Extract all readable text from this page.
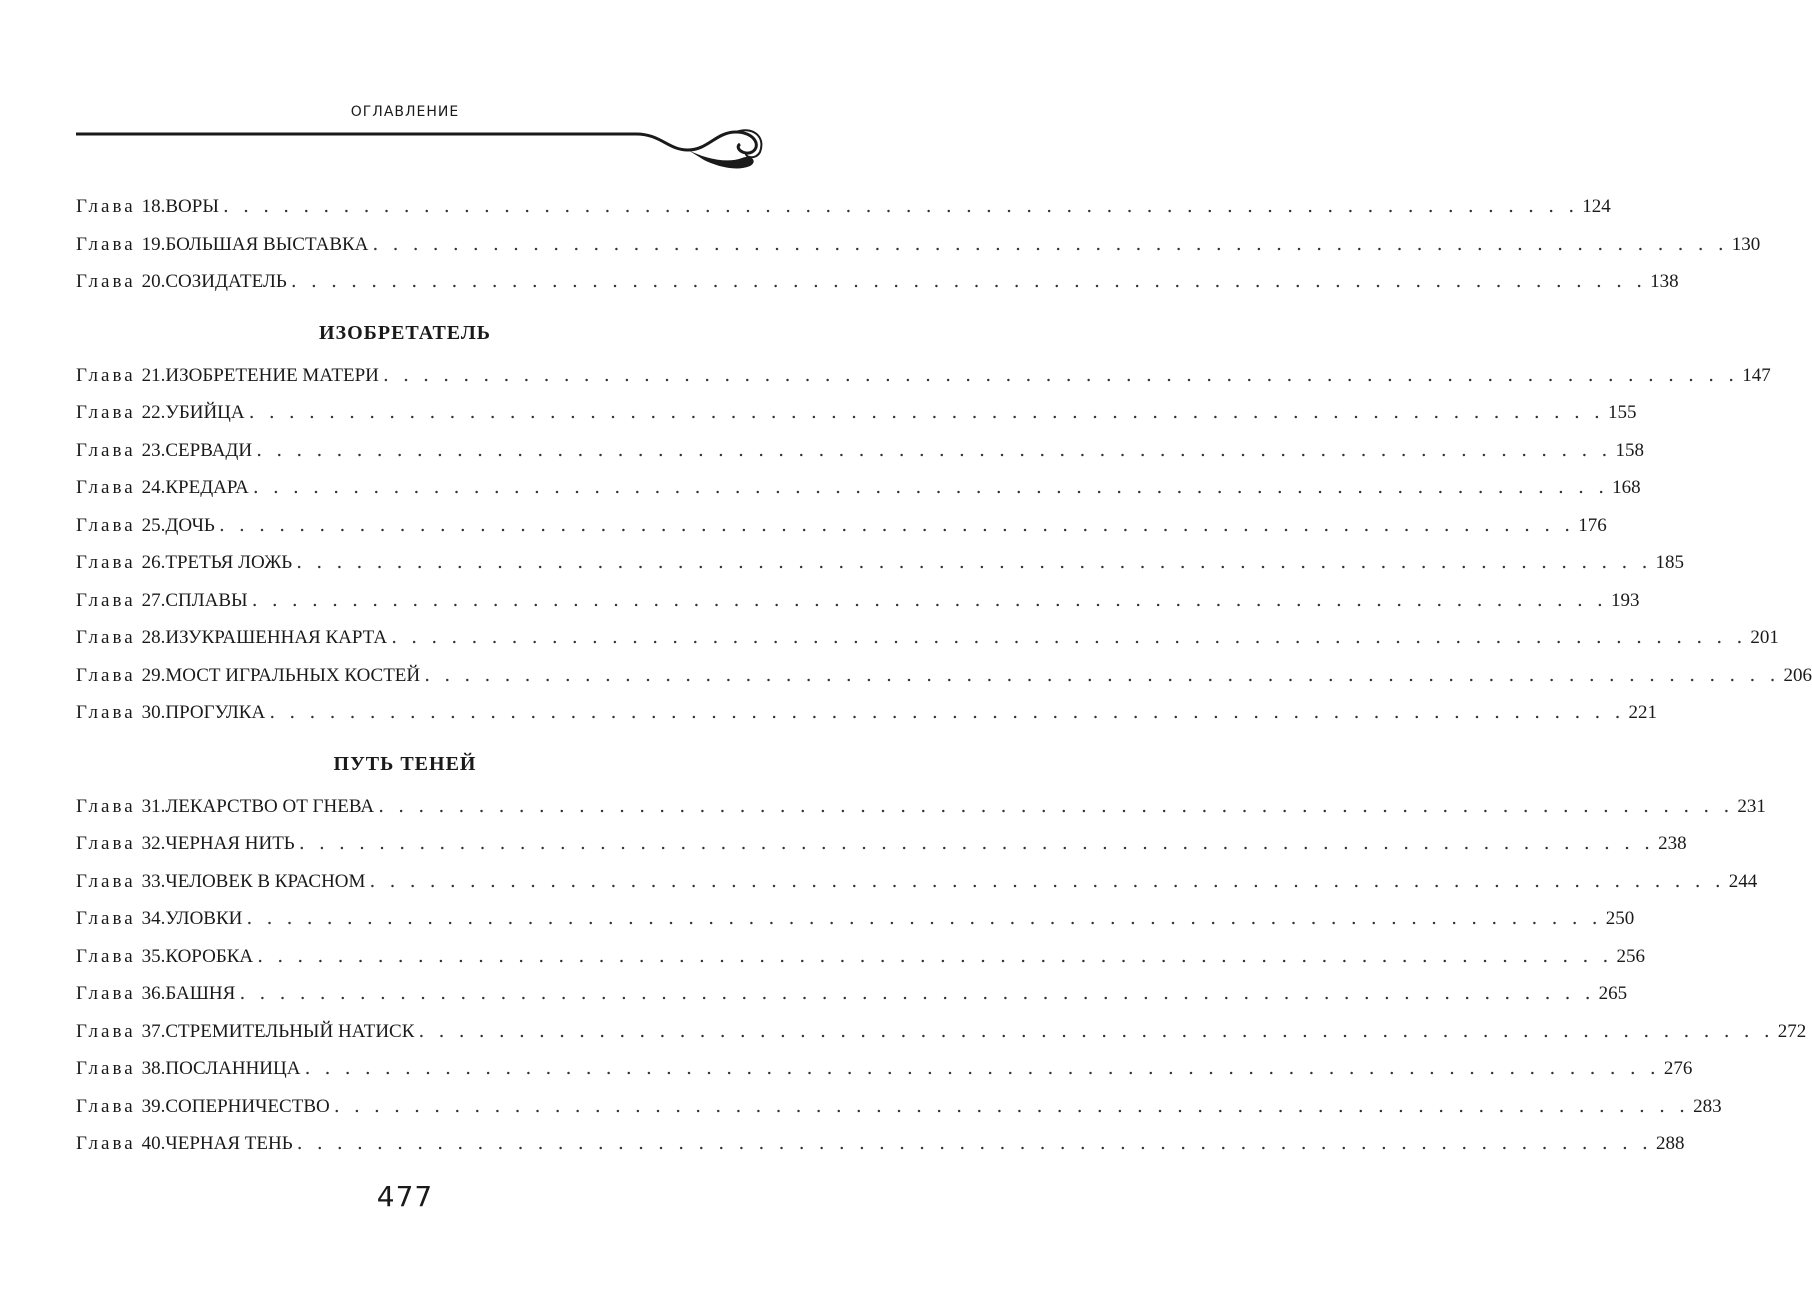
ОГЛАВЛЕНИЕ
Глава 18. ВОРЫ . . . . . . . . . . . . . . . . . . . . . . . . . . . . . . . . . . . . . . . . . . . . . . . . . . . . . . . . . . . . . . . . . . . . 124
Глава 19. БОЛЬШАЯ ВЫСТАВКА . . . . . . . . . . . . . . . . . . . . . . . . . . . . . . . . . . . . . . . . . . . . . . . . . . . . . . . . . . . . . . . . . . . . 130
Глава 20. СОЗИДАТЕЛЬ . . . . . . . . . . . . . . . . . . . . . . . . . . . . . . . . . . . . . . . . . . . . . . . . . . . . . . . . . . . . . . . . . . . . 138
ИЗОБРЕТАТЕЛЬ
Глава 21. ИЗОБРЕТЕНИЕ МАТЕРИ . . . . . . . . . . . . . . . . . . . . . . . . . . . . . . . . . . . . . . . . . . . . . . . . . . . . . . . . . . . . . . . . . . . . 147
Глава 22. УБИЙЦА . . . . . . . . . . . . . . . . . . . . . . . . . . . . . . . . . . . . . . . . . . . . . . . . . . . . . . . . . . . . . . . . . . . . 155
Глава 23. СЕРВАДИ . . . . . . . . . . . . . . . . . . . . . . . . . . . . . . . . . . . . . . . . . . . . . . . . . . . . . . . . . . . . . . . . . . . . 158
Глава 24. КРЕДАРА . . . . . . . . . . . . . . . . . . . . . . . . . . . . . . . . . . . . . . . . . . . . . . . . . . . . . . . . . . . . . . . . . . . . 168
Глава 25. ДОЧЬ . . . . . . . . . . . . . . . . . . . . . . . . . . . . . . . . . . . . . . . . . . . . . . . . . . . . . . . . . . . . . . . . . . . . 176
Глава 26. ТРЕТЬЯ ЛОЖЬ . . . . . . . . . . . . . . . . . . . . . . . . . . . . . . . . . . . . . . . . . . . . . . . . . . . . . . . . . . . . . . . . . . . . 185
Глава 27. СПЛАВЫ . . . . . . . . . . . . . . . . . . . . . . . . . . . . . . . . . . . . . . . . . . . . . . . . . . . . . . . . . . . . . . . . . . . . 193
Глава 28. ИЗУКРАШЕННАЯ КАРТА . . . . . . . . . . . . . . . . . . . . . . . . . . . . . . . . . . . . . . . . . . . . . . . . . . . . . . . . . . . . . . . . . . . . 201
Глава 29. МОСТ ИГРАЛЬНЫХ КОСТЕЙ . . . . . . . . . . . . . . . . . . . . . . . . . . . . . . . . . . . . . . . . . . . . . . . . . . . . . . . . . . . . . . . . . . . . 206
Глава 30. ПРОГУЛКА . . . . . . . . . . . . . . . . . . . . . . . . . . . . . . . . . . . . . . . . . . . . . . . . . . . . . . . . . . . . . . . . . . . . 221
ПУТЬ ТЕНЕЙ
Глава 31. ЛЕКАРСТВО ОТ ГНЕВА . . . . . . . . . . . . . . . . . . . . . . . . . . . . . . . . . . . . . . . . . . . . . . . . . . . . . . . . . . . . . . . . . . . . 231
Глава 32. ЧЕРНАЯ НИТЬ . . . . . . . . . . . . . . . . . . . . . . . . . . . . . . . . . . . . . . . . . . . . . . . . . . . . . . . . . . . . . . . . . . . . 238
Глава 33. ЧЕЛОВЕК В КРАСНОМ . . . . . . . . . . . . . . . . . . . . . . . . . . . . . . . . . . . . . . . . . . . . . . . . . . . . . . . . . . . . . . . . . . . . 244
Глава 34. УЛОВКИ . . . . . . . . . . . . . . . . . . . . . . . . . . . . . . . . . . . . . . . . . . . . . . . . . . . . . . . . . . . . . . . . . . . . 250
Глава 35. КОРОБКА . . . . . . . . . . . . . . . . . . . . . . . . . . . . . . . . . . . . . . . . . . . . . . . . . . . . . . . . . . . . . . . . . . . . 256
Глава 36. БАШНЯ . . . . . . . . . . . . . . . . . . . . . . . . . . . . . . . . . . . . . . . . . . . . . . . . . . . . . . . . . . . . . . . . . . . . 265
Глава 37. СТРЕМИТЕЛЬНЫЙ НАТИСК . . . . . . . . . . . . . . . . . . . . . . . . . . . . . . . . . . . . . . . . . . . . . . . . . . . . . . . . . . . . . . . . . . . . 272
Глава 38. ПОСЛАННИЦА . . . . . . . . . . . . . . . . . . . . . . . . . . . . . . . . . . . . . . . . . . . . . . . . . . . . . . . . . . . . . . . . . . . . 276
Глава 39. СОПЕРНИЧЕСТВО . . . . . . . . . . . . . . . . . . . . . . . . . . . . . . . . . . . . . . . . . . . . . . . . . . . . . . . . . . . . . . . . . . . . 283
Глава 40. ЧЕРНАЯ ТЕНЬ . . . . . . . . . . . . . . . . . . . . . . . . . . . . . . . . . . . . . . . . . . . . . . . . . . . . . . . . . . . . . . . . . . . . 288
477
